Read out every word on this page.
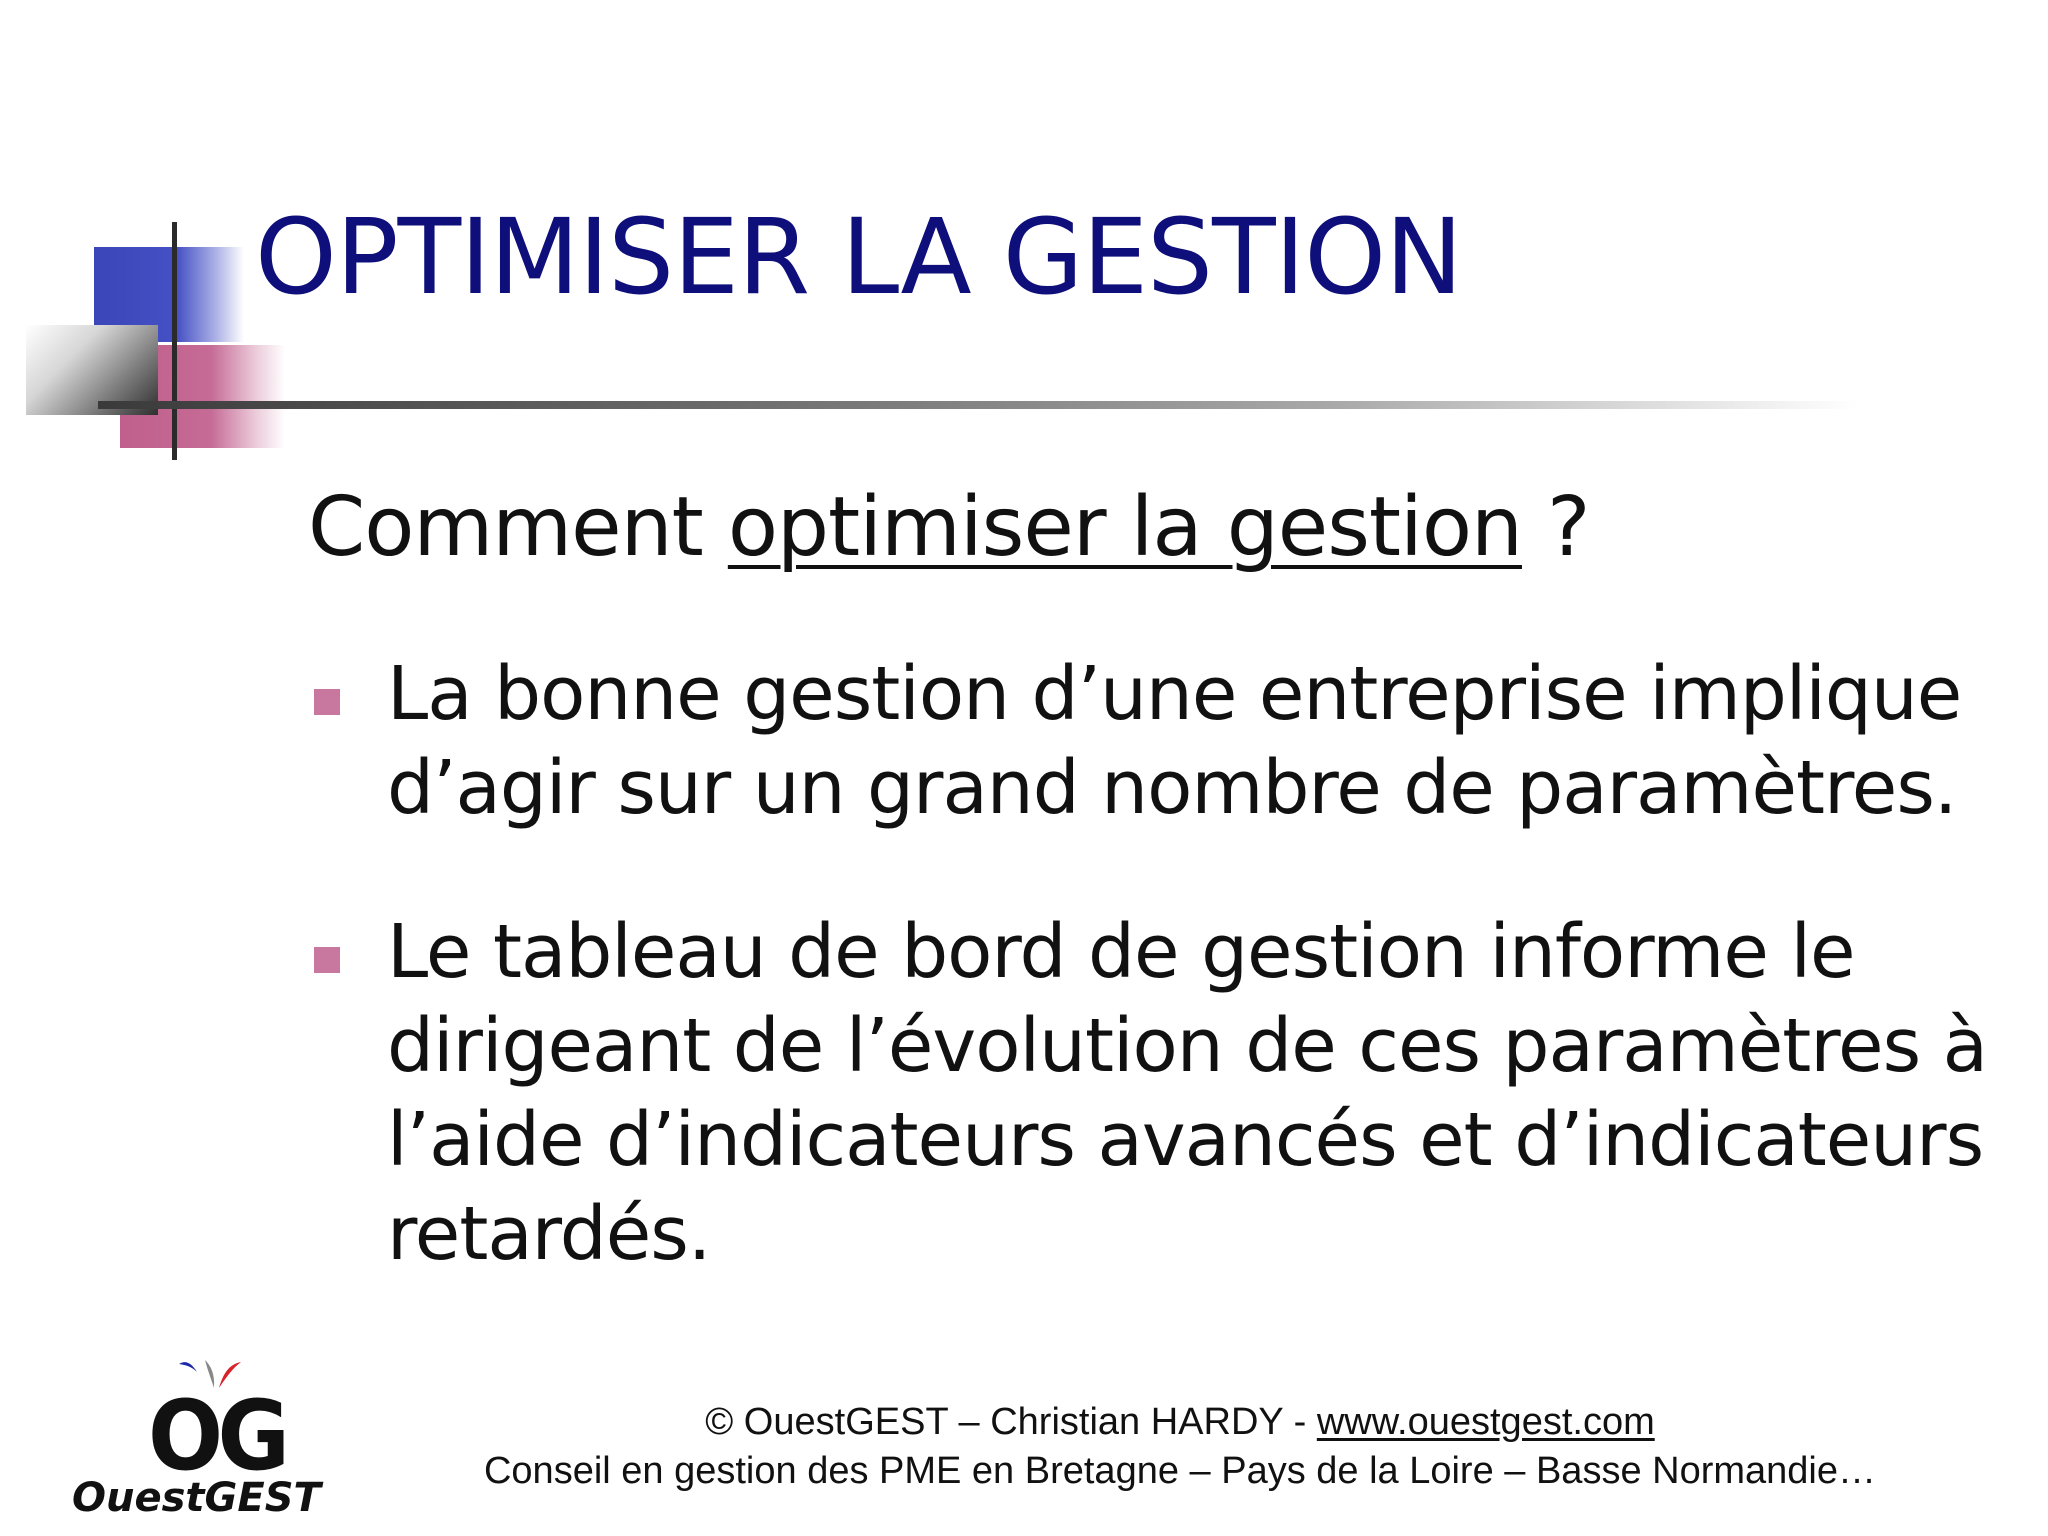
OPTIMISER LA GESTION

Comment optimiser la gestion ?

La bonne gestion d’une entreprise implique d’agir sur un grand nombre de paramètres.
Le tableau de bord de gestion informe le dirigeant de l’évolution de ces paramètres à l’aide d’indicateurs avancés et d’indicateurs retardés.
OG
OuestGEST
© OuestGEST – Christian HARDY - www.ouestgest.com
Conseil en gestion des PME en Bretagne – Pays de la Loire – Basse Normandie…
